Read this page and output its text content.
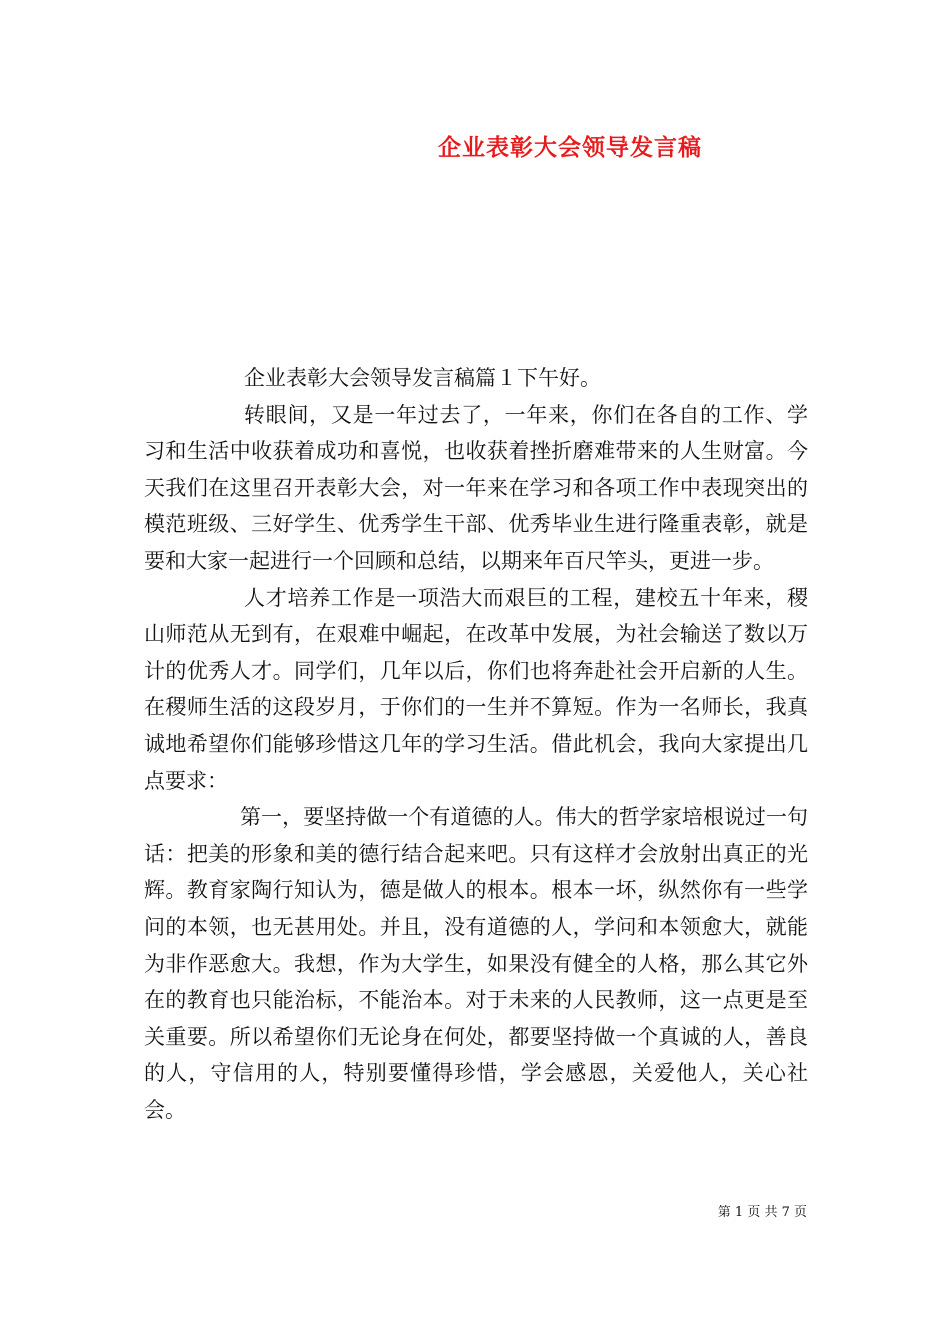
企业表彰大会领导发言稿

企业表彰大会领导发言稿篇１下午好。

转眼间，又是一年过去了，一年来，你们在各自的工作、学习和生活中收获着成功和喜悦，也收获着挫折磨难带来的人生财富。今天我们在这里召开表彰大会，对一年来在学习和各项工作中表现突出的模范班级、三好学生、优秀学生干部、优秀毕业生进行隆重表彰，就是要和大家一起进行一个回顾和总结，以期来年百尺竿头，更进一步。

人才培养工作是一项浩大而艰巨的工程，建校五十年来，稷山师范从无到有，在艰难中崛起，在改革中发展，为社会输送了数以万计的优秀人才。同学们，几年以后，你们也将奔赴社会开启新的人生。在稷师生活的这段岁月，于你们的一生并不算短。作为一名师长，我真诚地希望你们能够珍惜这几年的学习生活。借此机会，我向大家提出几点要求：

第一，要坚持做一个有道德的人。伟大的哲学家培根说过一句话：把美的形象和美的德行结合起来吧。只有这样才会放射出真正的光辉。教育家陶行知认为，德是做人的根本。根本一坏，纵然你有一些学问的本领，也无甚用处。并且，没有道德的人，学问和本领愈大，就能为非作恶愈大。我想，作为大学生，如果没有健全的人格，那么其它外在的教育也只能治标，不能治本。对于未来的人民教师，这一点更是至关重要。所以希望你们无论身在何处，都要坚持做一个真诚的人，善良的人，守信用的人，特别要懂得珍惜，学会感恩，关爱他人，关心社会。

第 1 页 共 7 页
